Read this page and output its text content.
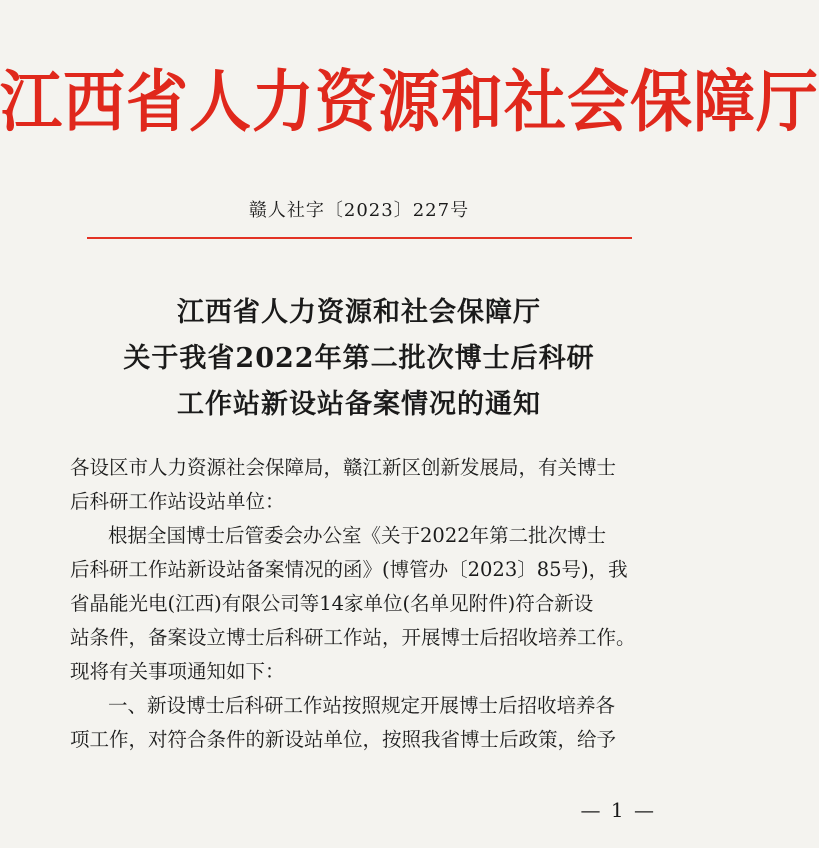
江西省人力资源和社会保障厅
赣人社字〔2023〕227号
江西省人力资源和社会保障厅
关于我省2022年第二批次博士后科研
工作站新设站备案情况的通知
各设区市人力资源社会保障局，赣江新区创新发展局，有关博士
后科研工作站设站单位：
根据全国博士后管委会办公室《关于2022年第二批次博士
后科研工作站新设站备案情况的函》(博管办〔2023〕85号)，我
省晶能光电(江西)有限公司等14家单位(名单见附件)符合新设
站条件，备案设立博士后科研工作站，开展博士后招收培养工作。
现将有关事项通知如下：
一、新设博士后科研工作站按照规定开展博士后招收培养各
项工作，对符合条件的新设站单位，按照我省博士后政策，给予
— 1 —
